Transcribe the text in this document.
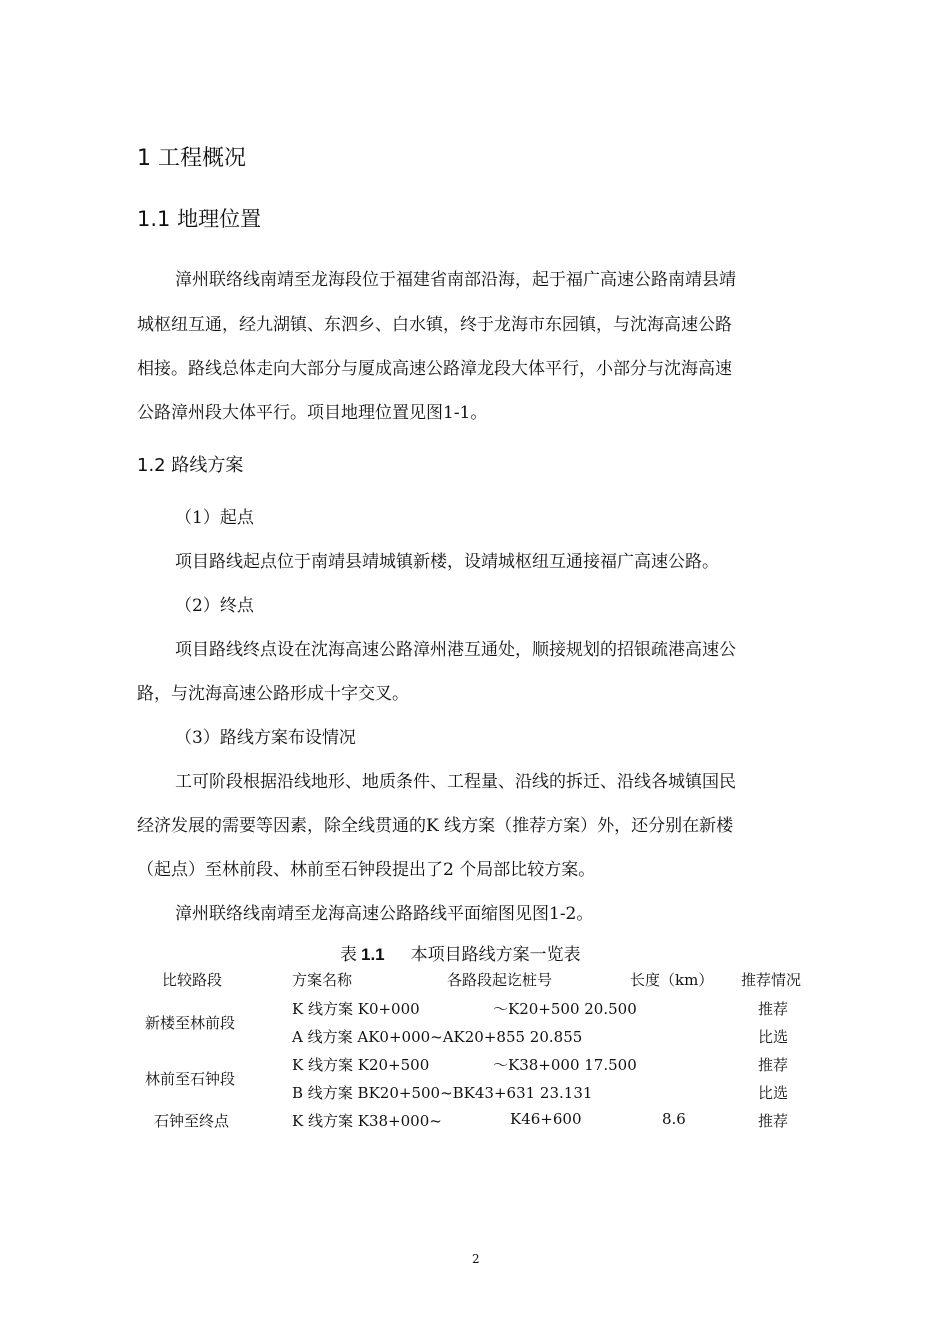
1 工程概况
1.1 地理位置
漳州联络线南靖至龙海段位于福建省南部沿海，起于福广高速公路南靖县靖
城枢纽互通，经九湖镇、东泗乡、白水镇，终于龙海市东园镇，与沈海高速公路
相接。路线总体走向大部分与厦成高速公路漳龙段大体平行，小部分与沈海高速
公路漳州段大体平行。项目地理位置见图1-1。
1.2 路线方案
（1）起点
项目路线起点位于南靖县靖城镇新楼，设靖城枢纽互通接福广高速公路。
（2）终点
项目路线终点设在沈海高速公路漳州港互通处，顺接规划的招银疏港高速公
路，与沈海高速公路形成十字交叉。
（3）路线方案布设情况
工可阶段根据沿线地形、地质条件、工程量、沿线的拆迁、沿线各城镇国民
经济发展的需要等因素，除全线贯通的K 线方案（推荐方案）外，还分别在新楼
（起点）至林前段、林前至石钟段提出了2 个局部比较方案。
漳州联络线南靖至龙海高速公路路线平面缩图见图1-2。
表 1.1 本项目路线方案一览表
比较路段	方案名称	各路段起讫桩号	长度（km） 推荐情况
K 线方案 K0+000	～K20+500 20.500	推荐
新楼至林前段
A 线方案 AK0+000~AK20+855 20.855	比选
K 线方案 K20+500	～K38+000 17.500	推荐
林前至石钟段
B 线方案 BK20+500~BK43+631 23.131	比选
石钟至终点	K 线方案 K38+000~	K46+600	8.6	推荐
2
